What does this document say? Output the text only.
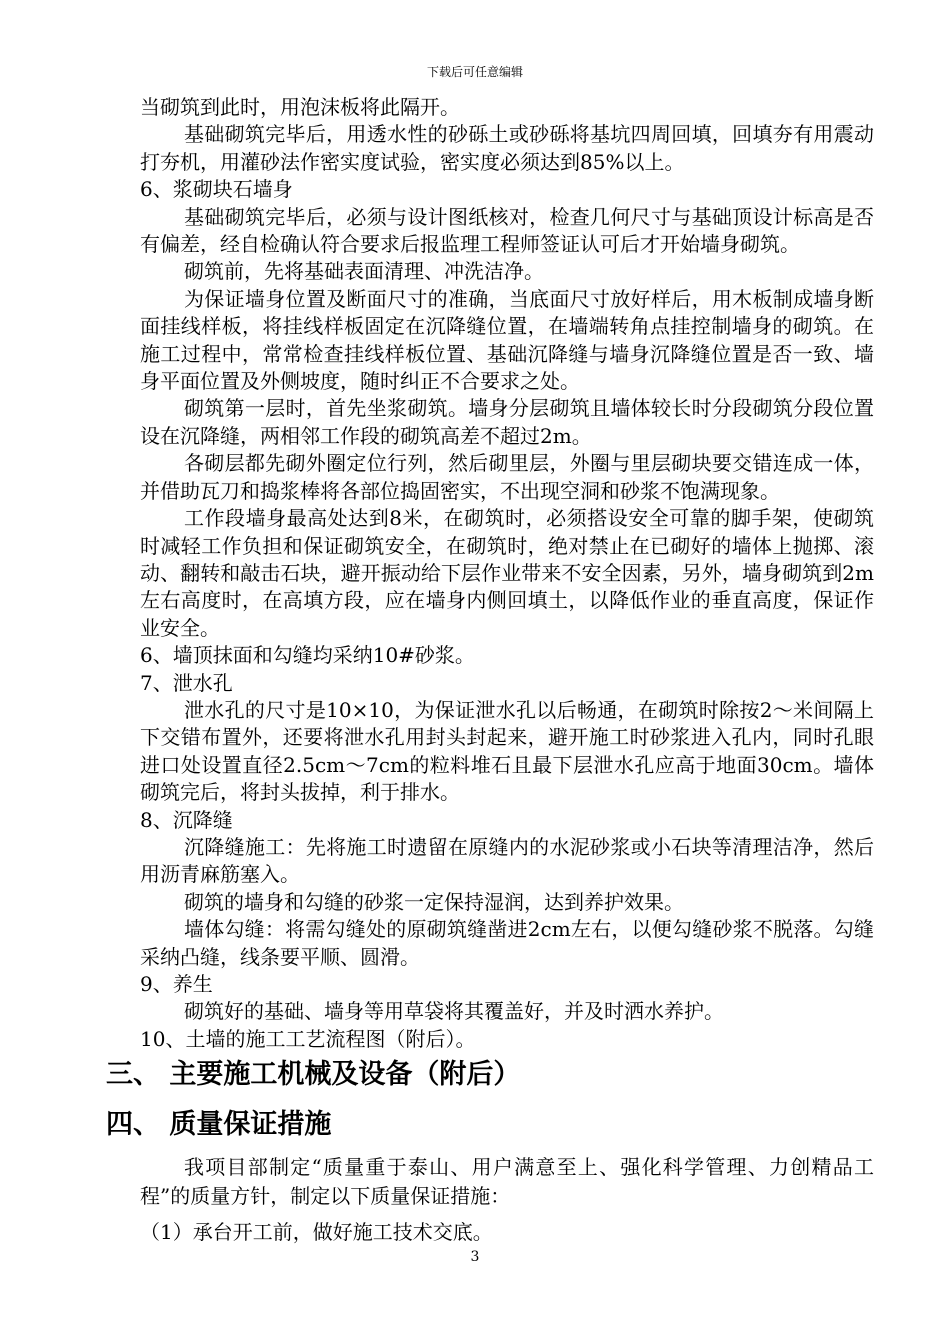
下载后可任意编辑

当砌筑到此时，用泡沫板将此隔开。

基础砌筑完毕后，用透水性的砂砾土或砂砾将基坑四周回填，回填夯有用震动打夯机，用灌砂法作密实度试验，密实度必须达到85%以上。

6、浆砌块石墙身

基础砌筑完毕后，必须与设计图纸核对，检查几何尺寸与基础顶设计标高是否有偏差，经自检确认符合要求后报监理工程师签证认可后才开始墙身砌筑。

砌筑前，先将基础表面清理、冲洗洁净。

为保证墙身位置及断面尺寸的准确，当底面尺寸放好样后，用木板制成墙身断面挂线样板，将挂线样板固定在沉降缝位置，在墙端转角点挂控制墙身的砌筑。在施工过程中，常常检查挂线样板位置、基础沉降缝与墙身沉降缝位置是否一致、墙身平面位置及外侧坡度，随时纠正不合要求之处。

砌筑第一层时，首先坐浆砌筑。墙身分层砌筑且墙体较长时分段砌筑分段位置设在沉降缝，两相邻工作段的砌筑高差不超过2m。

各砌层都先砌外圈定位行列，然后砌里层，外圈与里层砌块要交错连成一体，并借助瓦刀和捣浆棒将各部位捣固密实，不出现空洞和砂浆不饱满现象。

工作段墙身最高处达到8米，在砌筑时，必须搭设安全可靠的脚手架，使砌筑时减轻工作负担和保证砌筑安全，在砌筑时，绝对禁止在已砌好的墙体上抛掷、滚动、翻转和敲击石块，避开振动给下层作业带来不安全因素，另外，墙身砌筑到2m左右高度时，在高填方段，应在墙身内侧回填土，以降低作业的垂直高度，保证作业安全。

6、墙顶抹面和勾缝均采纳10#砂浆。

7、泄水孔

泄水孔的尺寸是10×10，为保证泄水孔以后畅通，在砌筑时除按2～米间隔上下交错布置外，还要将泄水孔用封头封起来，避开施工时砂浆进入孔内，同时孔眼进口处设置直径2.5cm～7cm的粒料堆石且最下层泄水孔应高于地面30cm。墙体砌筑完后，将封头拔掉，利于排水。

8、沉降缝

沉降缝施工：先将施工时遗留在原缝内的水泥砂浆或小石块等清理洁净，然后用沥青麻筋塞入。

砌筑的墙身和勾缝的砂浆一定保持湿润，达到养护效果。

墙体勾缝：将需勾缝处的原砌筑缝凿进2cm左右，以便勾缝砂浆不脱落。勾缝采纳凸缝，线条要平顺、圆滑。

9、养生

砌筑好的基础、墙身等用草袋将其覆盖好，并及时洒水养护。

10、土墙的施工工艺流程图（附后）。

三、 主要施工机械及设备（附后）
四、 质量保证措施

我项目部制定“质量重于泰山、用户满意至上、强化科学管理、力创精品工程”的质量方针，制定以下质量保证措施：

（1）承台开工前，做好施工技术交底。

3
